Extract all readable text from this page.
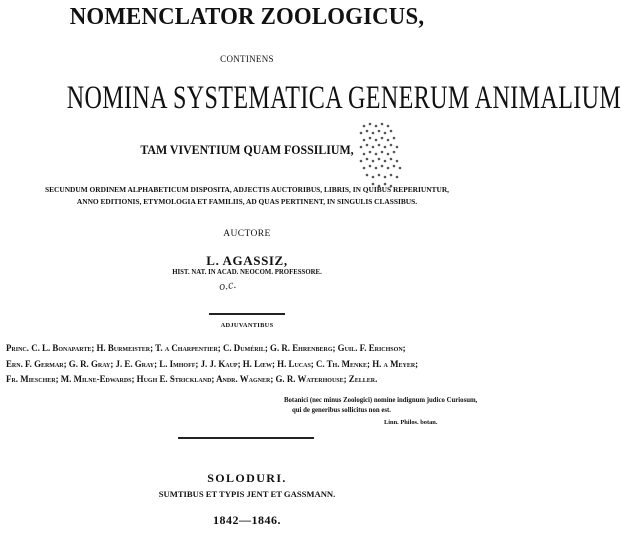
NOMENCLATOR ZOOLOGICUS,
CONTINENS
NOMINA SYSTEMATICA GENERUM ANIMALIUM
TAM VIVENTIUM QUAM FOSSILIUM,
SECUNDUM ORDINEM ALPHABETICUM DISPOSITA, ADJECTIS AUCTORIBUS, LIBRIS, IN QUIBUS REPERIUNTUR,
ANNO EDITIONIS, ETYMOLOGIA ET FAMILIIS, AD QUAS PERTINENT, IN SINGULIS CLASSIBUS.
AUCTORE
L. AGASSIZ,
HIST. NAT. IN ACAD. NEOCOM. PROFESSORE.
o.c.
ADJUVANTIBUS
Princ. C. L. Bonaparte; H. Burmeister; T. a Charpentier; C. Duméril; G. R. Ehrenberg; Guil. F. Erichson;
Ern. F. Germar; G. R. Gray; J. E. Gray; L. Imhoff; J. J. Kaup; H. Lœw; H. Lucas; C. Th. Menke; H. a Meyer;
Fr. Miescher; M. Milne-Edwards; Hugh E. Strickland; Andr. Wagner; G. R. Waterhouse; Zeller.
Botanici (nec minus Zoologici) nomine indignum judico Curiosum,
qui de generibus sollicitus non est.
Linn. Philos. botan.
SOLODURI.
SUMTIBUS ET TYPIS JENT ET GASSMANN.
1842—1846.
